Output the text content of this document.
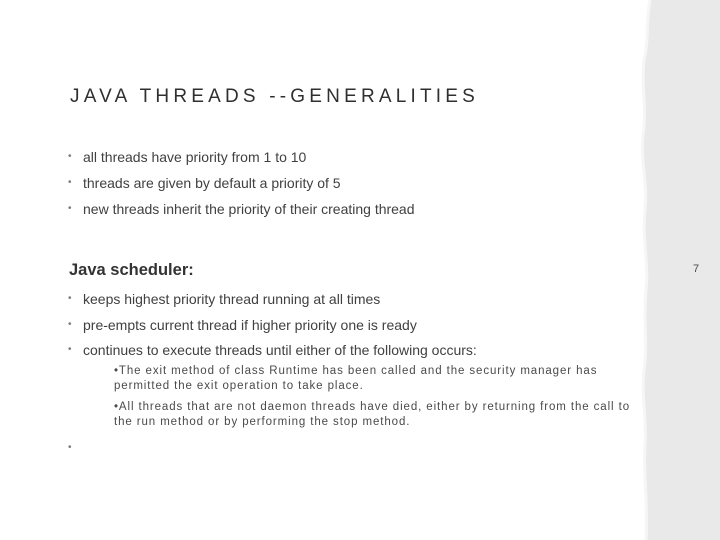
7
JAVA THREADS --GENERALITIES
• all threads have priority from 1 to 10
• threads are given by default a priority of 5
• new threads inherit the priority of their creating thread
Java scheduler:
• keeps highest priority thread running at all times
• pre-empts current thread if higher priority one is ready
• continues to execute threads until either of the following occurs:
•The exit method of class Runtime has been called and the security manager has permitted the exit operation to take place.
•All threads that are not daemon threads have died, either by returning from the call to the run method or by performing the stop method.
•
